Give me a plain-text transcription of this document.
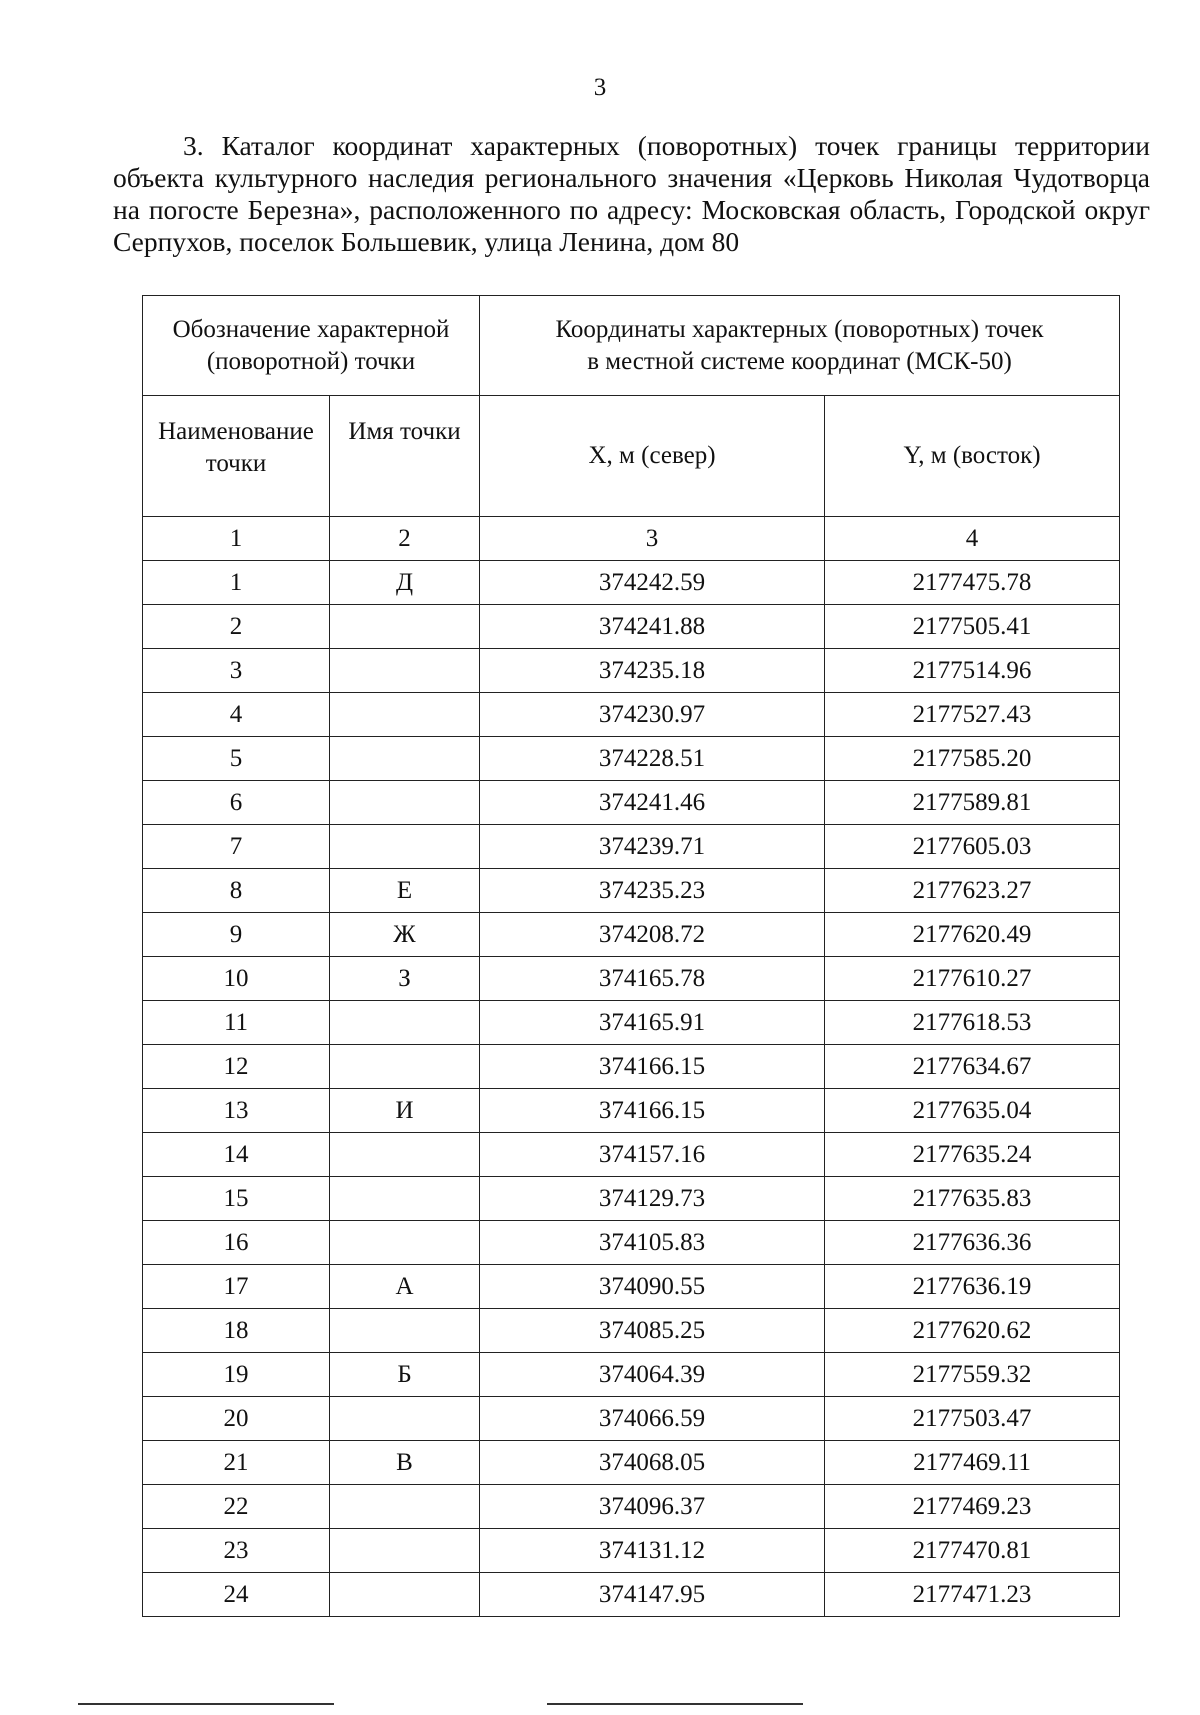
3

3. Каталог координат характерных (поворотных) точек границы территории объекта культурного наследия регионального значения «Церковь Николая Чудотворца на погосте Березна», расположенного по адресу: Московская область, Городской округ Серпухов, поселок Большевик, улица Ленина, дом 80

Обозначение характерной
(поворотной) точки		Координаты характерных (поворотных) точек
в местной системе координат (МСК-50)	
Наименование
точки	Имя точки	X, м (север)	Y, м (восток)
1	2	3	4
1	Д	374242.59	2177475.78
2		374241.88	2177505.41
3		374235.18	2177514.96
4		374230.97	2177527.43
5		374228.51	2177585.20
6		374241.46	2177589.81
7		374239.71	2177605.03
8	Е	374235.23	2177623.27
9	Ж	374208.72	2177620.49
10	З	374165.78	2177610.27
11		374165.91	2177618.53
12		374166.15	2177634.67
13	И	374166.15	2177635.04
14		374157.16	2177635.24
15		374129.73	2177635.83
16		374105.83	2177636.36
17	А	374090.55	2177636.19
18		374085.25	2177620.62
19	Б	374064.39	2177559.32
20		374066.59	2177503.47
21	В	374068.05	2177469.11
22		374096.37	2177469.23
23		374131.12	2177470.81
24		374147.95	2177471.23
